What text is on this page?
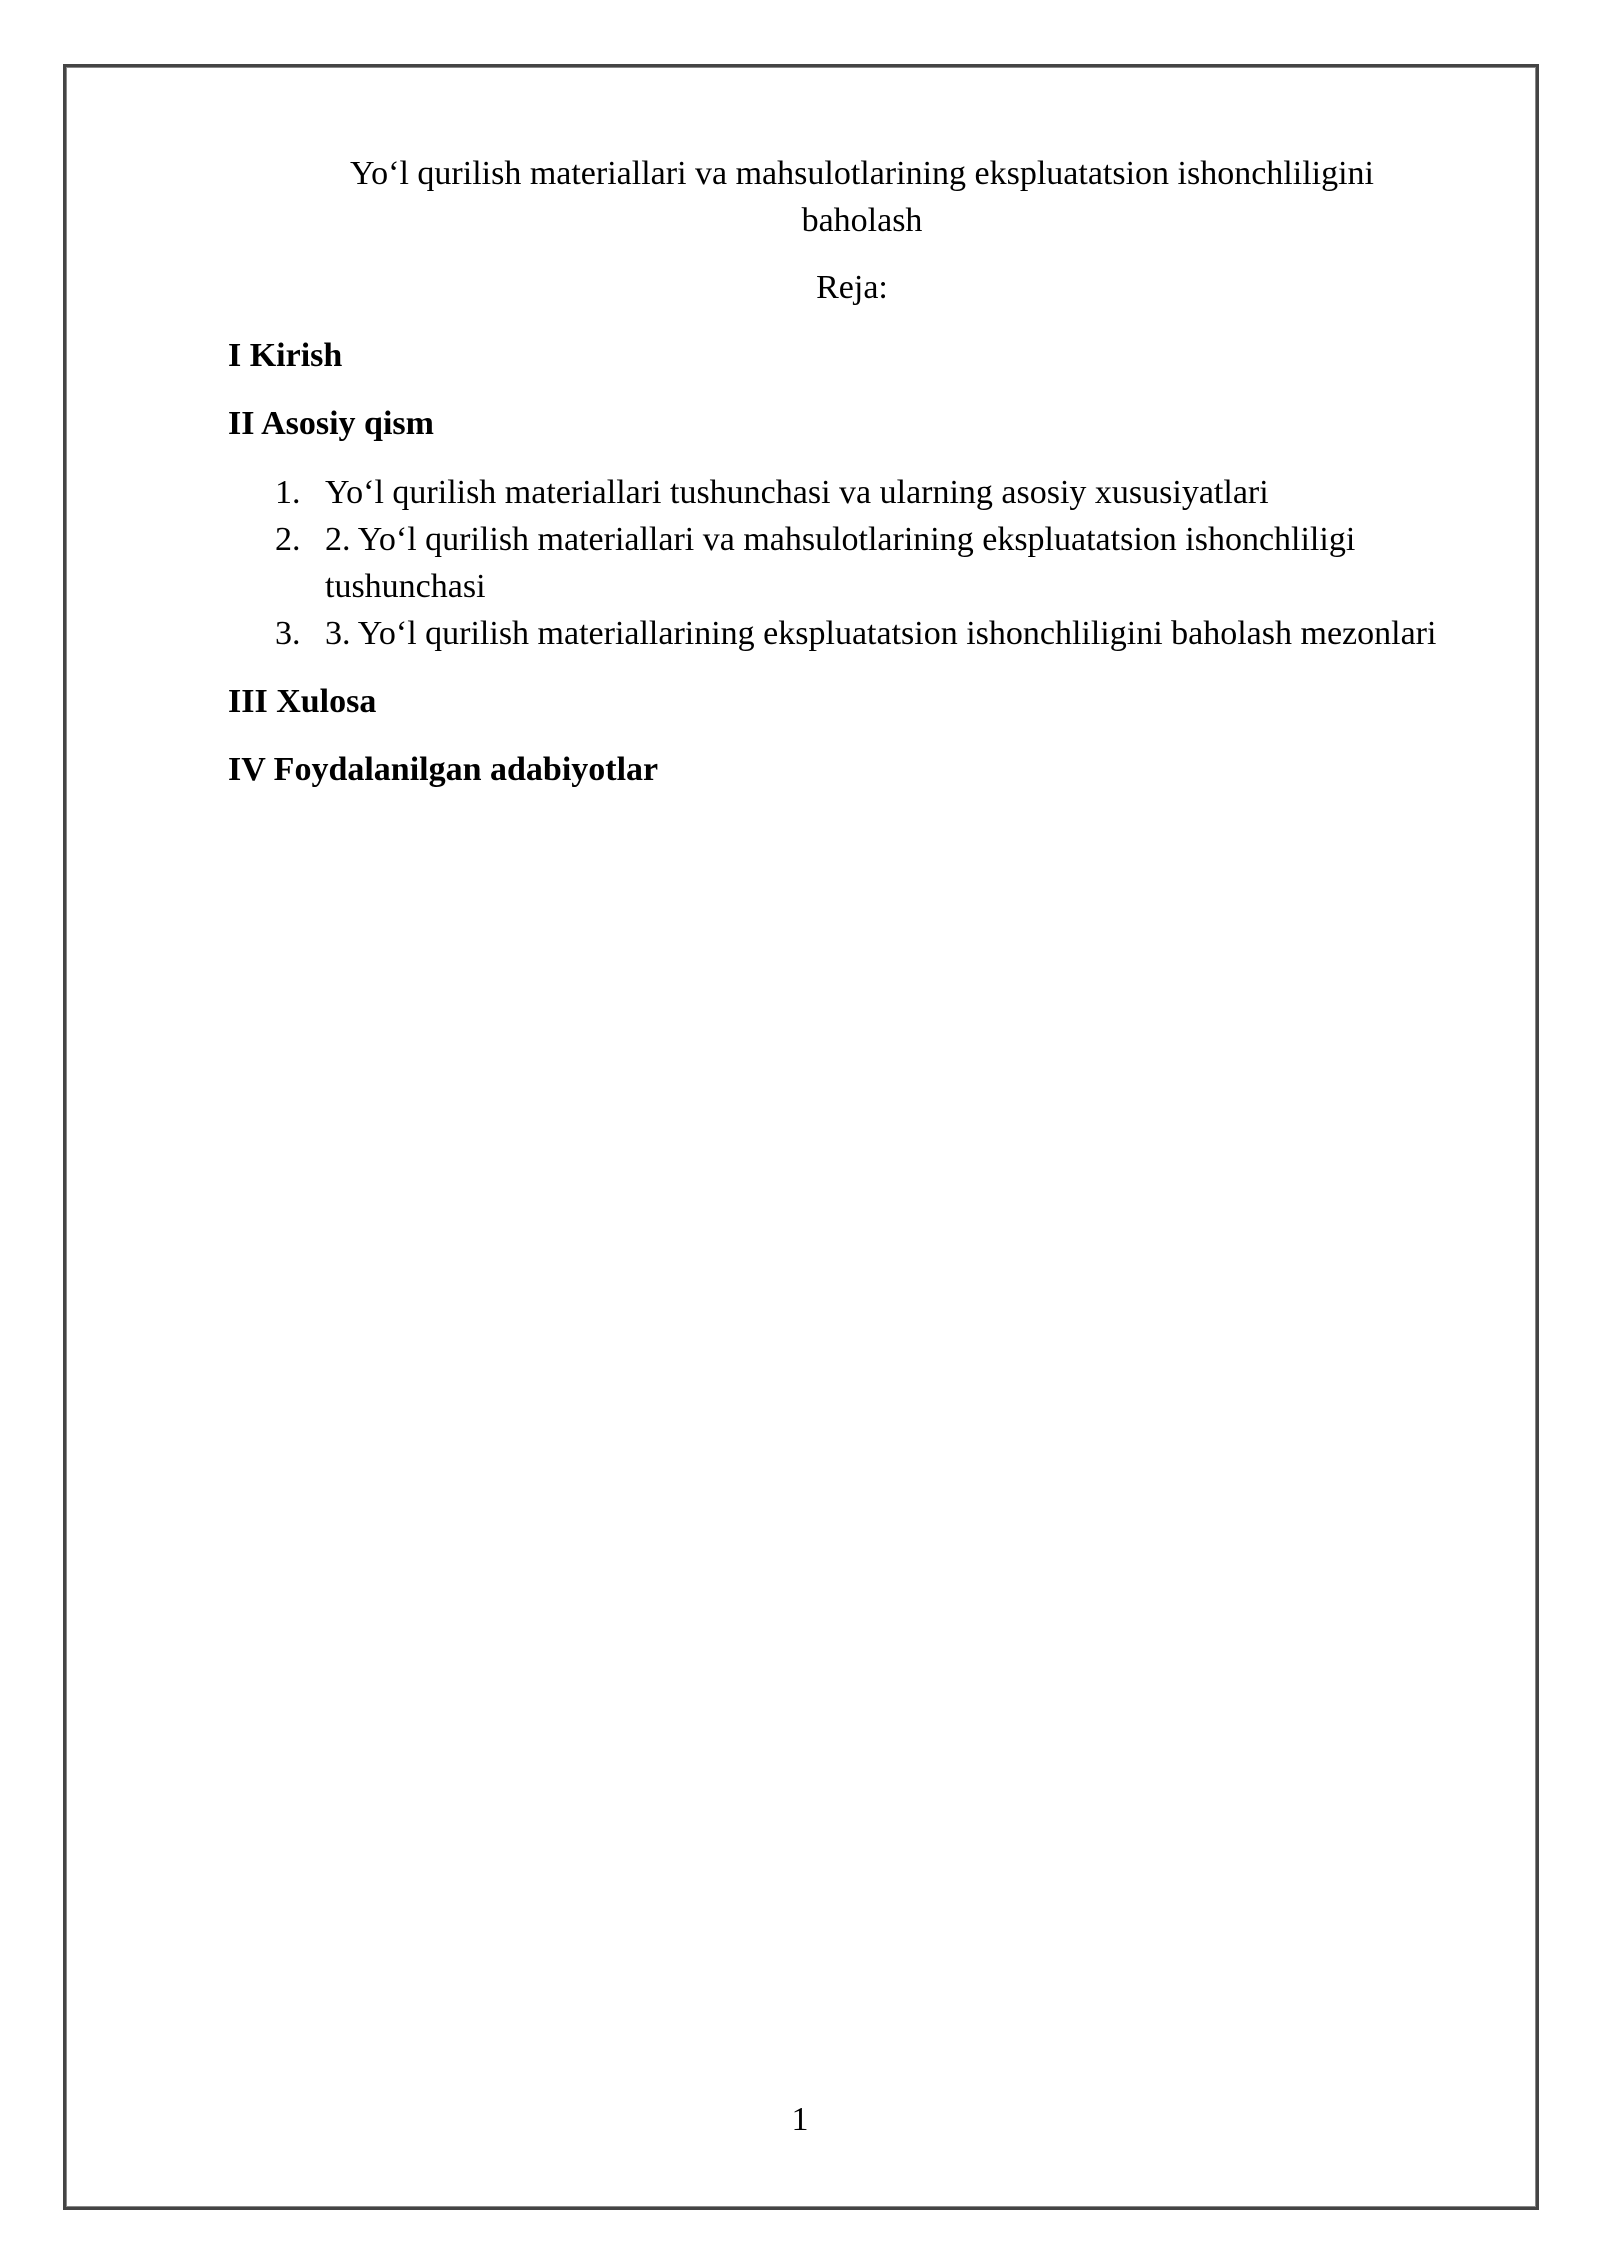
Yo‘l qurilish materiallari va mahsulotlarining ekspluatatsion ishonchliligini baholash

Reja:

I Kirish

II Asosiy qism

1. Yo‘l qurilish materiallari tushunchasi va ularning asosiy xususiyatlari
2. 2. Yo‘l qurilish materiallari va mahsulotlarining ekspluatatsion ishonchliligi tushunchasi
3. 3. Yo‘l qurilish materiallarining ekspluatatsion ishonchliligini baholash mezonlari

III Xulosa

IV Foydalanilgan adabiyotlar

1
